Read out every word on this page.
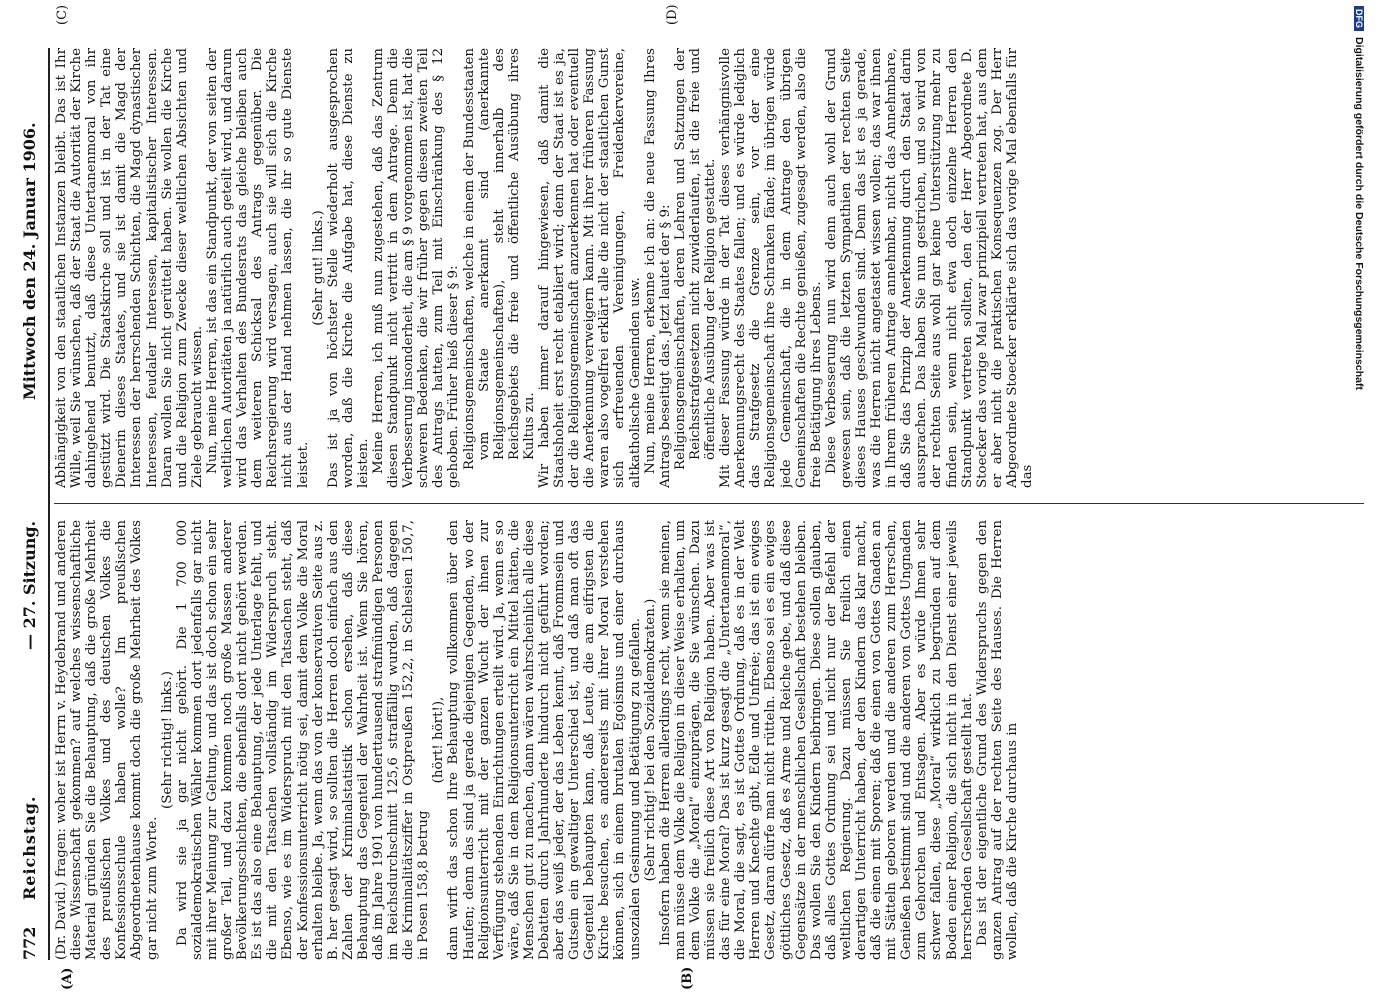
772
Reichstag.
— 27. Sitzung.
Mittwoch den 24. Januar 1906.
(A)	(B)
(C)	(D)

(Dr. David.) fragen: woher ist Herrn v. Heydebrand und anderen diese Wissenschaft gekommen? auf welches wissenschaftliche Material gründen Sie die Behauptung, daß die große Mehrheit des preußischen Volkes und des deutschen Volkes die Konfessionsschule haben wolle? Im preußischen Abgeordnetenhause kommt doch die große Mehrheit des Volkes gar nicht zum Worte.

(Sehr richtig! links.) Da wird sie ja gar nicht gehört. Die 1 700 000 sozialdemokratischen Wähler kommen dort jedenfalls gar nicht mit ihrer Meinung zur Geltung, und das ist doch schon ein sehr großer Teil, und dazu kommen noch große Massen anderer Bevölkerungsschichten, die ebenfalls dort nicht gehört werden. Es ist das also eine Behauptung, der jede Unterlage fehlt, und die mit den Tatsachen vollständig im Widerspruch steht. Ebenso, wie es im Widerspruch mit den Tatsachen steht, daß der Konfessionsunterricht nötig sei, damit dem Volke die Moral erhalten bleibe. Ja, wenn das von der konservativen Seite aus z. B. her gesagt wird, so sollten die Herren doch einfach aus den Zahlen der Kriminalstatistik schon ersehen, daß diese Behauptung das Gegenteil der Wahrheit ist. Wenn Sie hören, daß im Jahre 1901 von hunderttausend strafmündigen Personen im Reichsdurchschnitt 125,6 straffällig wurden, daß dagegen die Kriminalitätsziffer in Ostpreußen 152,2, in Schlesien 150,7, in Posen 158,8 betrug

(hört! hört!), dann wirft das schon Ihre Behauptung vollkommen über den Haufen; denn das sind ja gerade diejenigen Gegenden, wo der Religionsunterricht mit der ganzen Wucht der ihnen zur Verfügung stehenden Einrichtungen erteilt wird. Ja, wenn es so wäre, daß Sie in dem Religionsunterricht ein Mittel hätten, die Menschen gut zu machen, dann wären wahrscheinlich alle diese Debatten durch Jahrhunderte hindurch nicht geführt worden; aber das weiß jeder, der das Leben kennt, daß Frommsein und Gutsein ein gewaltiger Unterschied ist, und daß man oft das Gegenteil behaupten kann, daß Leute, die am eifrigsten die Kirche besuchen, es andererseits mit ihrer Moral verstehen können, sich in einem brutalen Egoismus und einer durchaus unsozialen Gesinnung und Betätigung zu gefallen. (Sehr richtig! bei den Sozialdemokraten.) Insofern haben die Herren allerdings recht, wenn sie meinen, man müsse dem Volke die Religion in dieser Weise erhalten, um dem Volke die „Moral“ einzuprägen, die Sie wünschen. Dazu müssen sie freilich diese Art von Religion haben. Aber was ist das für eine Moral? Das ist kurz gesagt die „Untertanenmoral“, die Moral, die sagt, es ist Gottes Ordnung, daß es in der Welt Herren und Knechte gibt, Edle und Unfreie; das ist ein ewiges Gesetz, daran dürfe man nicht rütteln. Ebenso sei es ein ewiges göttliches Gesetz, daß es Arme und Reiche gebe, und daß diese Gegensätze in der menschlichen Gesellschaft bestehen bleiben. Das wollen Sie den Kindern beibringen. Diese sollen glauben, daß alles Gottes Ordnung sei und nicht nur der Befehl der weltlichen Regierung. Dazu müssen Sie freilich einen derartigen Unterricht haben, der den Kindern das klar macht, daß die einen mit Sporen; daß die einen von Gottes Gnaden an mit Sätteln geboren werden und die anderen zum Herrschen, Genießen bestimmt sind und die anderen von Gottes Ungnaden zum Gehorchen und Entsagen. Aber es würde Ihnen sehr schwer fallen, diese „Moral“ wirklich zu begründen auf dem Boden einer Religion, die sich nicht in den Dienst einer jeweils herrschenden Gesellschaft gestellt hat. Das ist der eigentliche Grund des Widerspruchs gegen den ganzen Antrag auf der rechten Seite des Hauses. Die Herren wollen, daß die Kirche durchaus in

Abhängigkeit von den staatlichen Instanzen bleibt. Das ist Ihr Wille, weil Sie wünschen, daß der Staat die Autorität der Kirche dahingehend benutzt, daß diese Untertanenmoral von ihr gestützt wird. Die Staatskirche soll und ist in der Tat eine Dienerin dieses Staates, und sie ist damit die Magd der Interessen der herrschenden Schichten, die Magd dynastischer Interessen, feudaler Interessen, kapitalistischer Interessen. Daran wollen Sie nicht gerüttelt haben. Sie wollen die Kirche und die Religion zum Zwecke dieser weltlichen Absichten und Ziele gebraucht wissen. Nun, meine Herren, ist das ein Standpunkt, der von seiten der weltlichen Autoritäten ja natürlich auch geteilt wird, und darum wird das Verhalten des Bundesrats das gleiche bleiben auch dem weiteren Schicksal des Antrags gegenüber. Die Reichsregierung wird versagen, auch sie will sich die Kirche nicht aus der Hand nehmen lassen, die ihr so gute Dienste leistet.

(Sehr gut! links.) Das ist ja von höchster Stelle wiederholt ausgesprochen worden, daß die Kirche die Aufgabe hat, diese Dienste zu leisten. Meine Herren, ich muß nun zugestehen, daß das Zentrum diesen Standpunkt nicht vertritt in dem Antrage. Denn die Verbesserung insonderheit, die am § 9 vorgenommen ist, hat die schweren Bedenken, die wir früher gegen diesen zweiten Teil des Antrags hatten, zum Teil mit Einschränkung des § 12 gehoben. Früher hieß dieser § 9: Religionsgemeinschaften, welche in einem der Bundesstaaten vom Staate anerkannt sind (anerkannte Religionsgemeinschaften), steht innerhalb des Reichsgebiets die freie und öffentliche Ausübung ihres Kultus zu. Wir haben immer darauf hingewiesen, daß damit die Staatshoheit erst recht etabliert wird; denn der Staat ist es ja, der die Religionsgemeinschaft anzuerkennen hat oder eventuell die Anerkennung verweigern kann. Mit ihrer früheren Fassung waren also vogelfrei erklärt alle die nicht der staatlichen Gunst sich erfreuenden Vereinigungen, Freidenkervereine, altkatholische Gemeinden usw. Nun, meine Herren, erkenne ich an: die neue Fassung Ihres Antrags beseitigt das. Jetzt lautet der § 9: Religionsgemeinschaften, deren Lehren und Satzungen der Reichsstrafgesetzen nicht zuwiderlaufen, ist die freie und öffentliche Ausübung der Religion gestattet. Mit dieser Fassung würde in der Tat dieses verhängnisvolle Anerkennungsrecht des Staates fallen; und es würde lediglich das Strafgesetz die Grenze sein, vor der eine Religionsgemeinschaft ihre Schranken fände; im übrigen würde jede Gemeinschaft, die in dem Antrage den übrigen Gemeinschaften die Rechte genießen, zugesagt werden, also die freie Betätigung ihres Lebens. Diese Verbesserung nun wird denn auch wohl der Grund gewesen sein, daß die letzten Sympathien der rechten Seite dieses Hauses geschwunden sind. Denn das ist es ja gerade, was die Herren nicht angetastet wissen wollen; das war ihnen in Ihrem früheren Antrage annehmbar, nicht das Annehmbare, daß Sie das Prinzip der Anerkennung durch den Staat darin aussprachen. Das haben Sie nun gestrichen, und so wird von der rechten Seite aus wohl gar keine Unterstützung mehr zu finden sein, wenn nicht etwa doch einzelne Herren den Standpunkt vertreten sollten, den der Herr Abgeordnete D. Stoecker das vorige Mal zwar prinzipiell vertreten hat, aus dem er aber nicht die praktischen Konsequenzen zog. Der Herr Abgeordnete Stoecker erklärte sich das vorige Mal ebenfalls für das

DFGDigitalisierung gefördert durch die Deutsche Forschungsgemeinschaft
